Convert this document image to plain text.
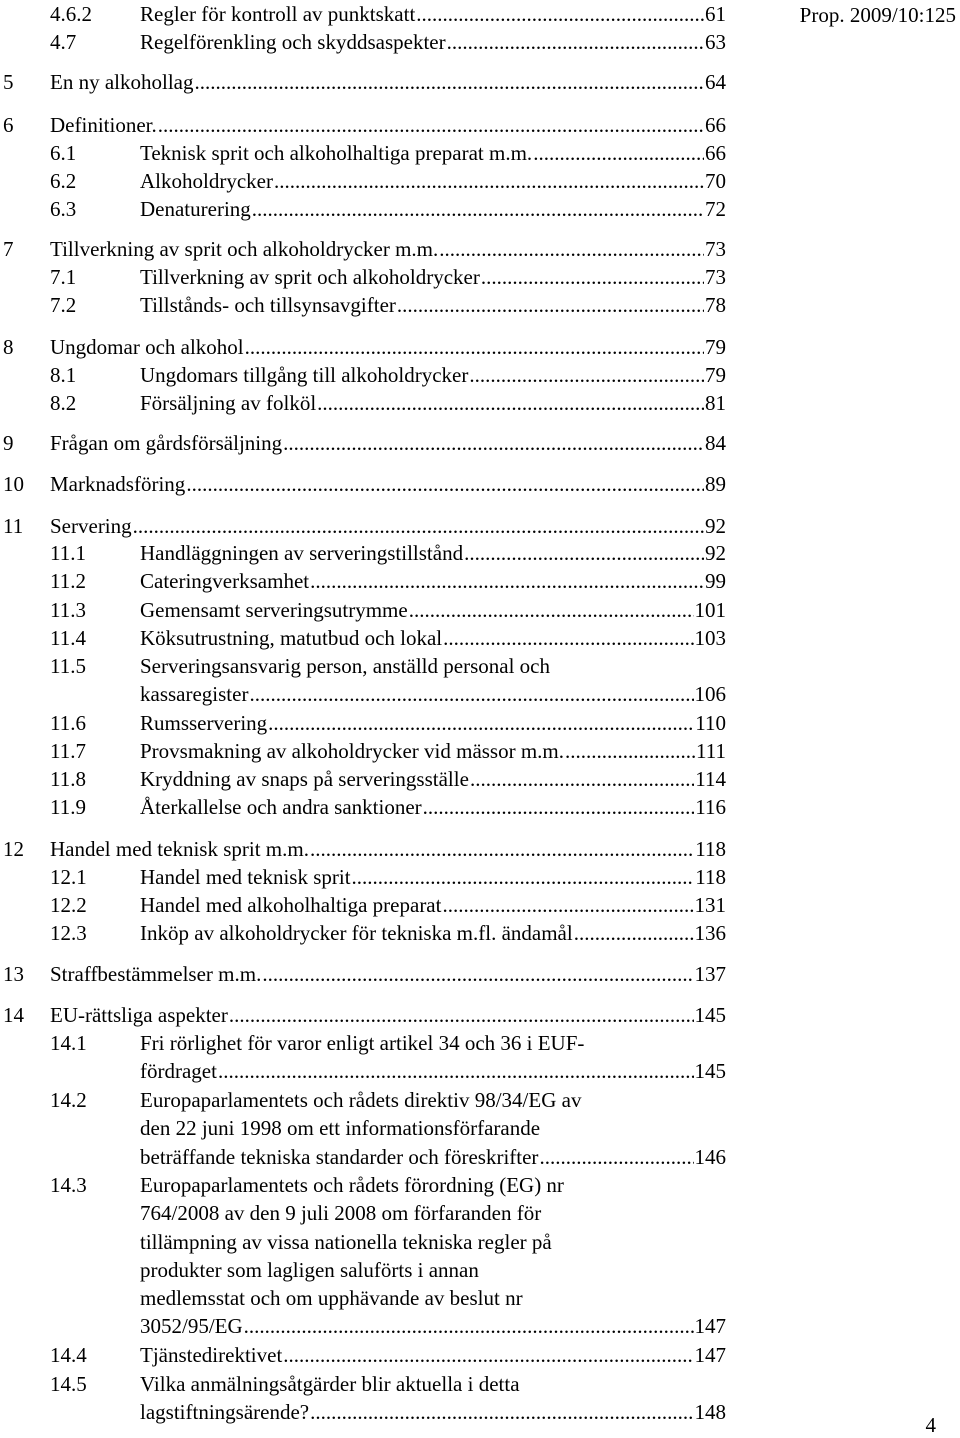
Prop. 2009/10:125
4.6.2 Regler för kontroll av punktskatt .....	61
4.7	Regelförenkling och skyddsaspekter .....	63
5 En ny alkohollag .....	64
6 Definitioner. .....	66
6.1	Teknisk sprit och alkoholhaltiga preparat m.m. .....	66
6.2	Alkoholdrycker .....	70
6.3	Denaturering .....	72
7 Tillverkning av sprit och alkoholdrycker m.m. .....	73
7.1	Tillverkning av sprit och alkoholdrycker .....	73
7.2	Tillstånds- och tillsynsavgifter .....	78
8 Ungdomar och alkohol .....	79
8.1	Ungdomars tillgång till alkoholdrycker .....	79
8.2	Försäljning av folköl .....	81
9 Frågan om gårdsförsäljning .....	84
10 Marknadsföring .....	89
11 Servering .....	92
11.1	Handläggningen av serveringstillstånd .....	92
11.2	Cateringverksamhet .....	99
11.3	Gemensamt serveringsutrymme .....	101
11.4	Köksutrustning, matutbud och lokal .....	103
11.5	Serveringsansvarig person, anställd personal och
kassaregister .....	106
11.6	Rumsservering .....	110
11.7	Provsmakning av alkoholdrycker vid mässor m.m. .....	111
11.8	Kryddning av snaps på serveringsställe .....	114
11.9	Återkallelse och andra sanktioner .....	116
12 Handel med teknisk sprit m.m. .....	118
12.1	Handel med teknisk sprit .....	118
12.2	Handel med alkoholhaltiga preparat .....	131
12.3	Inköp av alkoholdrycker för tekniska m.fl. ändamål .....	136
13 Straffbestämmelser m.m. .....	137
14 EU-rättsliga aspekter .....	145
14.1	Fri rörlighet för varor enligt artikel 34 och 36 i EUF-
fördraget .....	145
14.2	Europaparlamentets och rådets direktiv 98/34/EG av
den 22 juni 1998 om ett informationsförfarande
beträffande tekniska standarder och föreskrifter .....	146
14.3	Europaparlamentets och rådets förordning (EG) nr
764/2008 av den 9 juli 2008 om förfaranden för
tillämpning av vissa nationella tekniska regler på
produkter som lagligen saluförts i annan
medlemsstat och om upphävande av beslut nr
3052/95/EG .....	147
14.4	Tjänstedirektivet .....	147
14.5	Vilka anmälningsåtgärder blir aktuella i detta
lagstiftningsärende? .....	148
4
